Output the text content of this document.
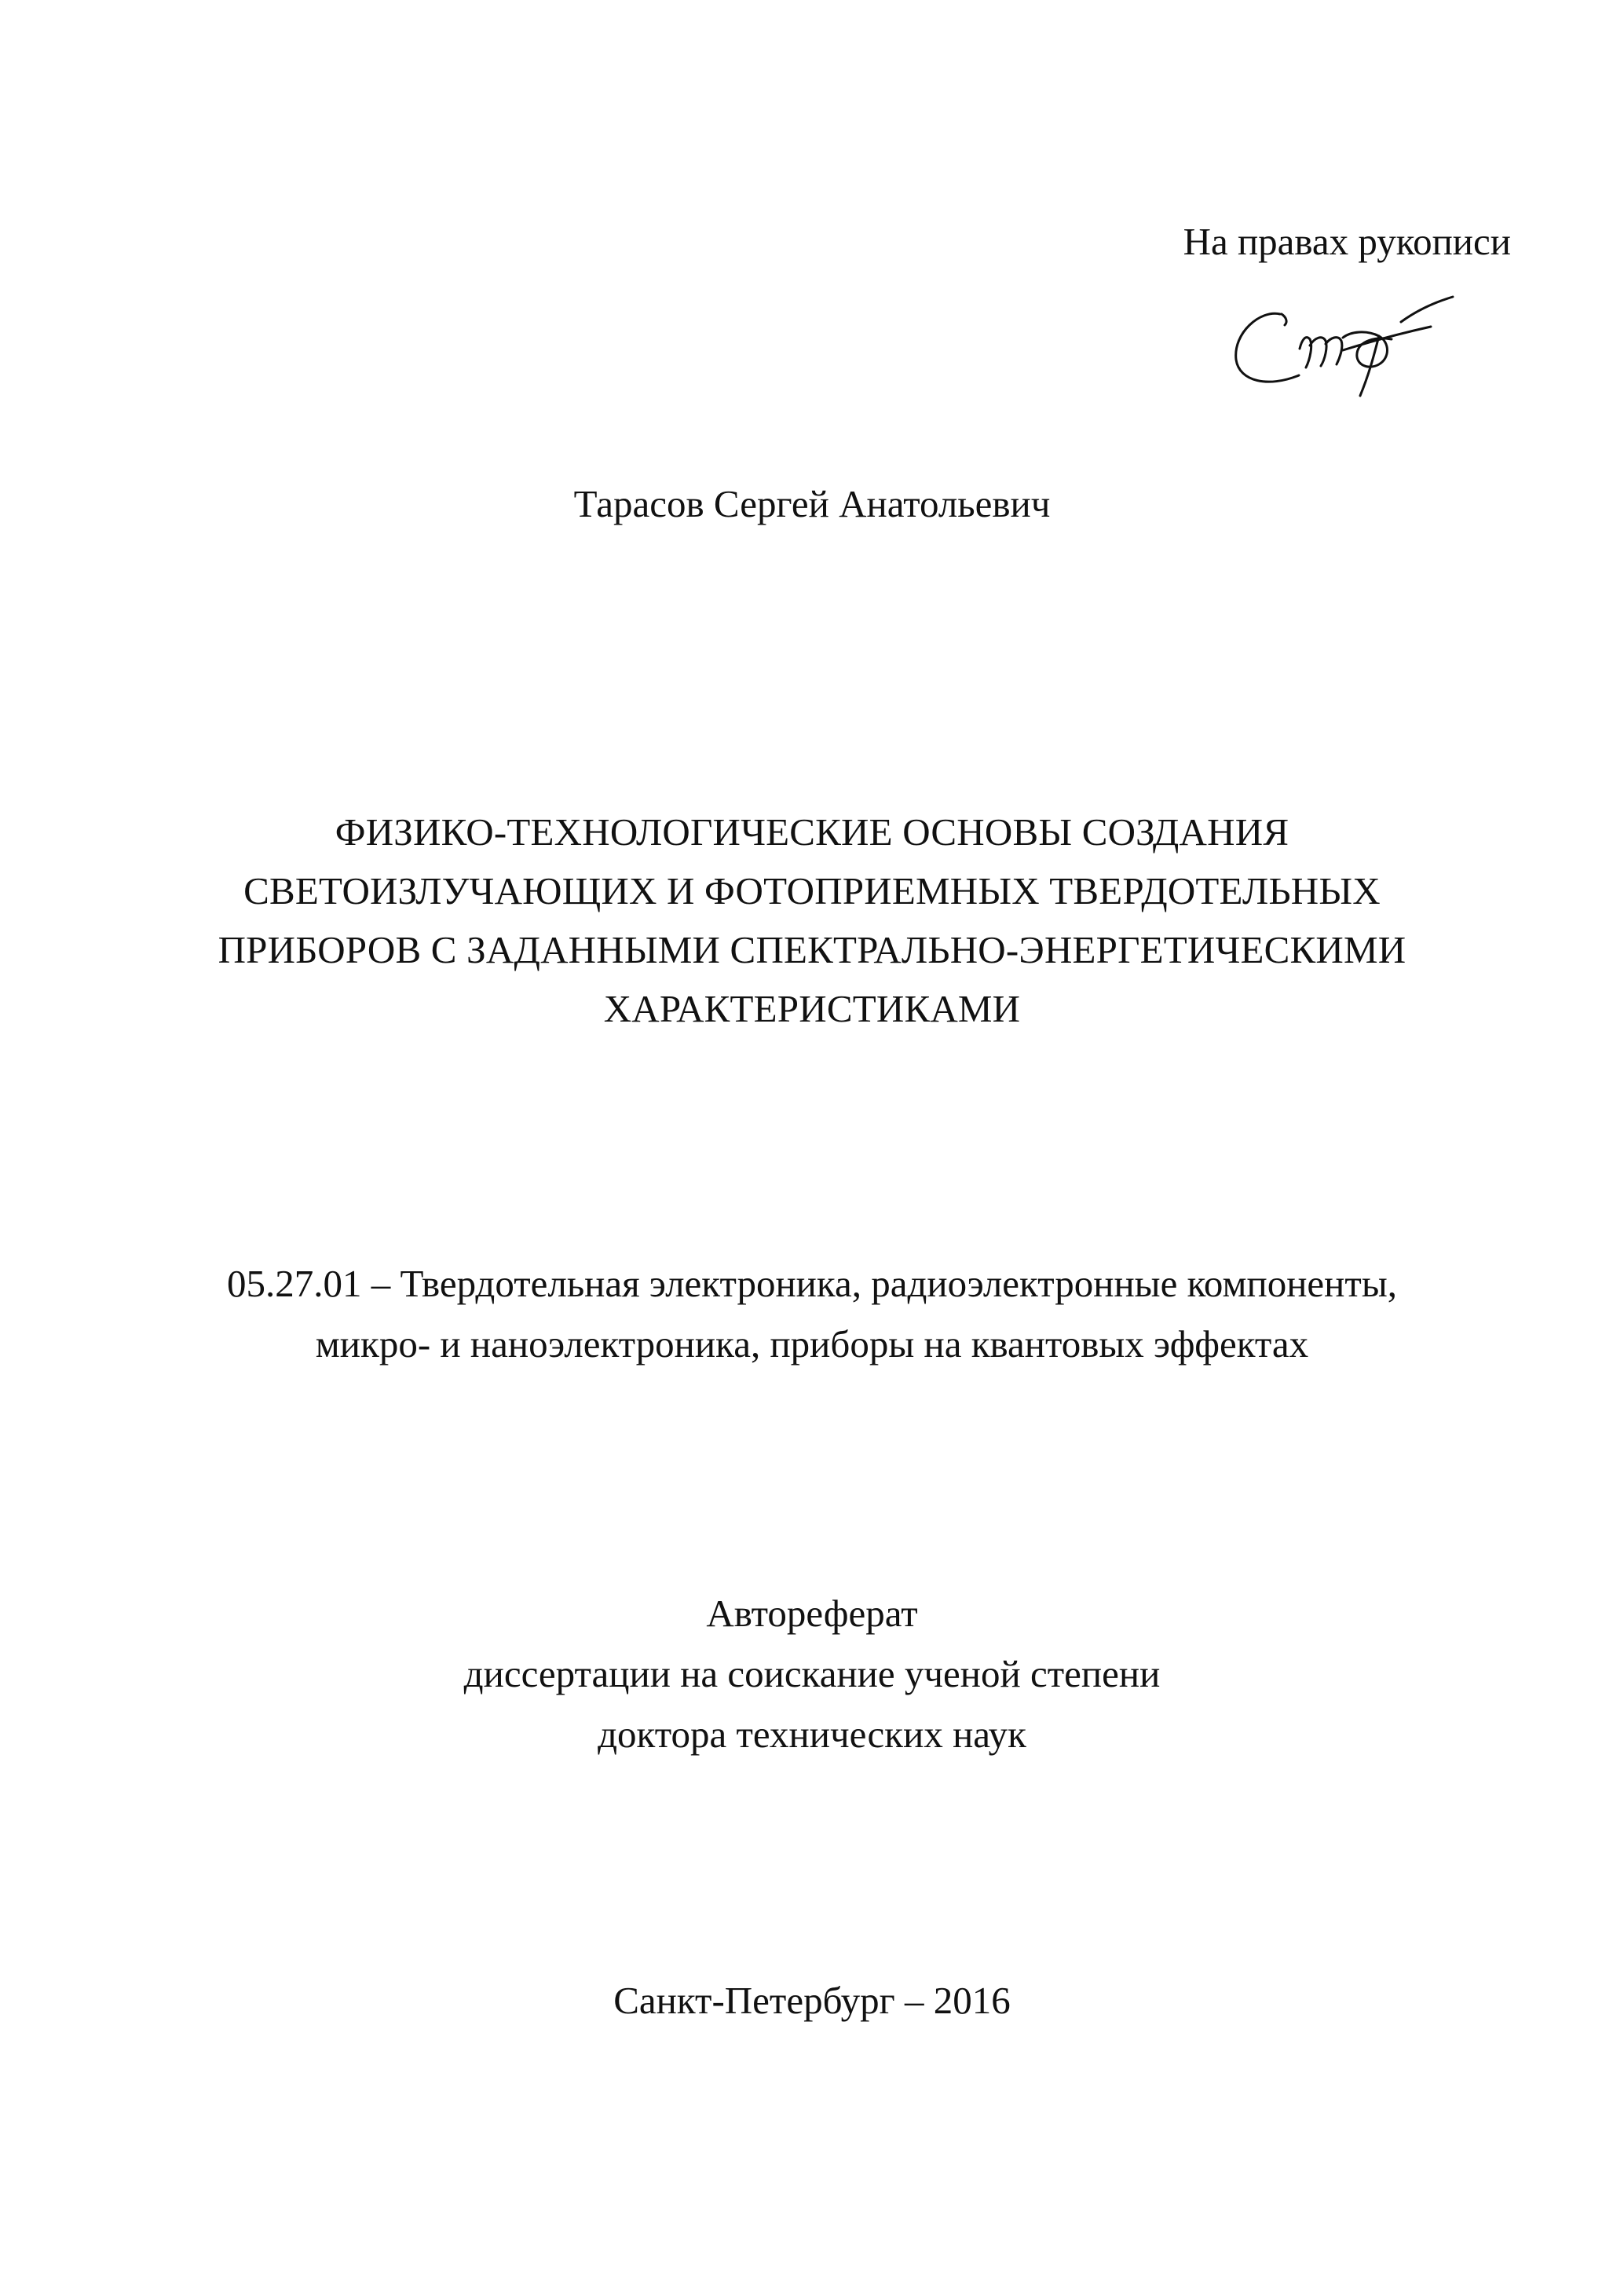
На правах рукописи
Тарасов Сергей Анатольевич
ФИЗИКО-ТЕХНОЛОГИЧЕСКИЕ ОСНОВЫ СОЗДАНИЯ
СВЕТОИЗЛУЧАЮЩИХ И ФОТОПРИЕМНЫХ ТВЕРДОТЕЛЬНЫХ
ПРИБОРОВ С ЗАДАННЫМИ СПЕКТРАЛЬНО-ЭНЕРГЕТИЧЕСКИМИ
ХАРАКТЕРИСТИКАМИ
05.27.01 – Твердотельная электроника, радиоэлектронные компоненты,
микро- и наноэлектроника, приборы на квантовых эффектах
Автореферат
диссертации на соискание ученой степени
доктора технических наук
Санкт-Петербург – 2016
